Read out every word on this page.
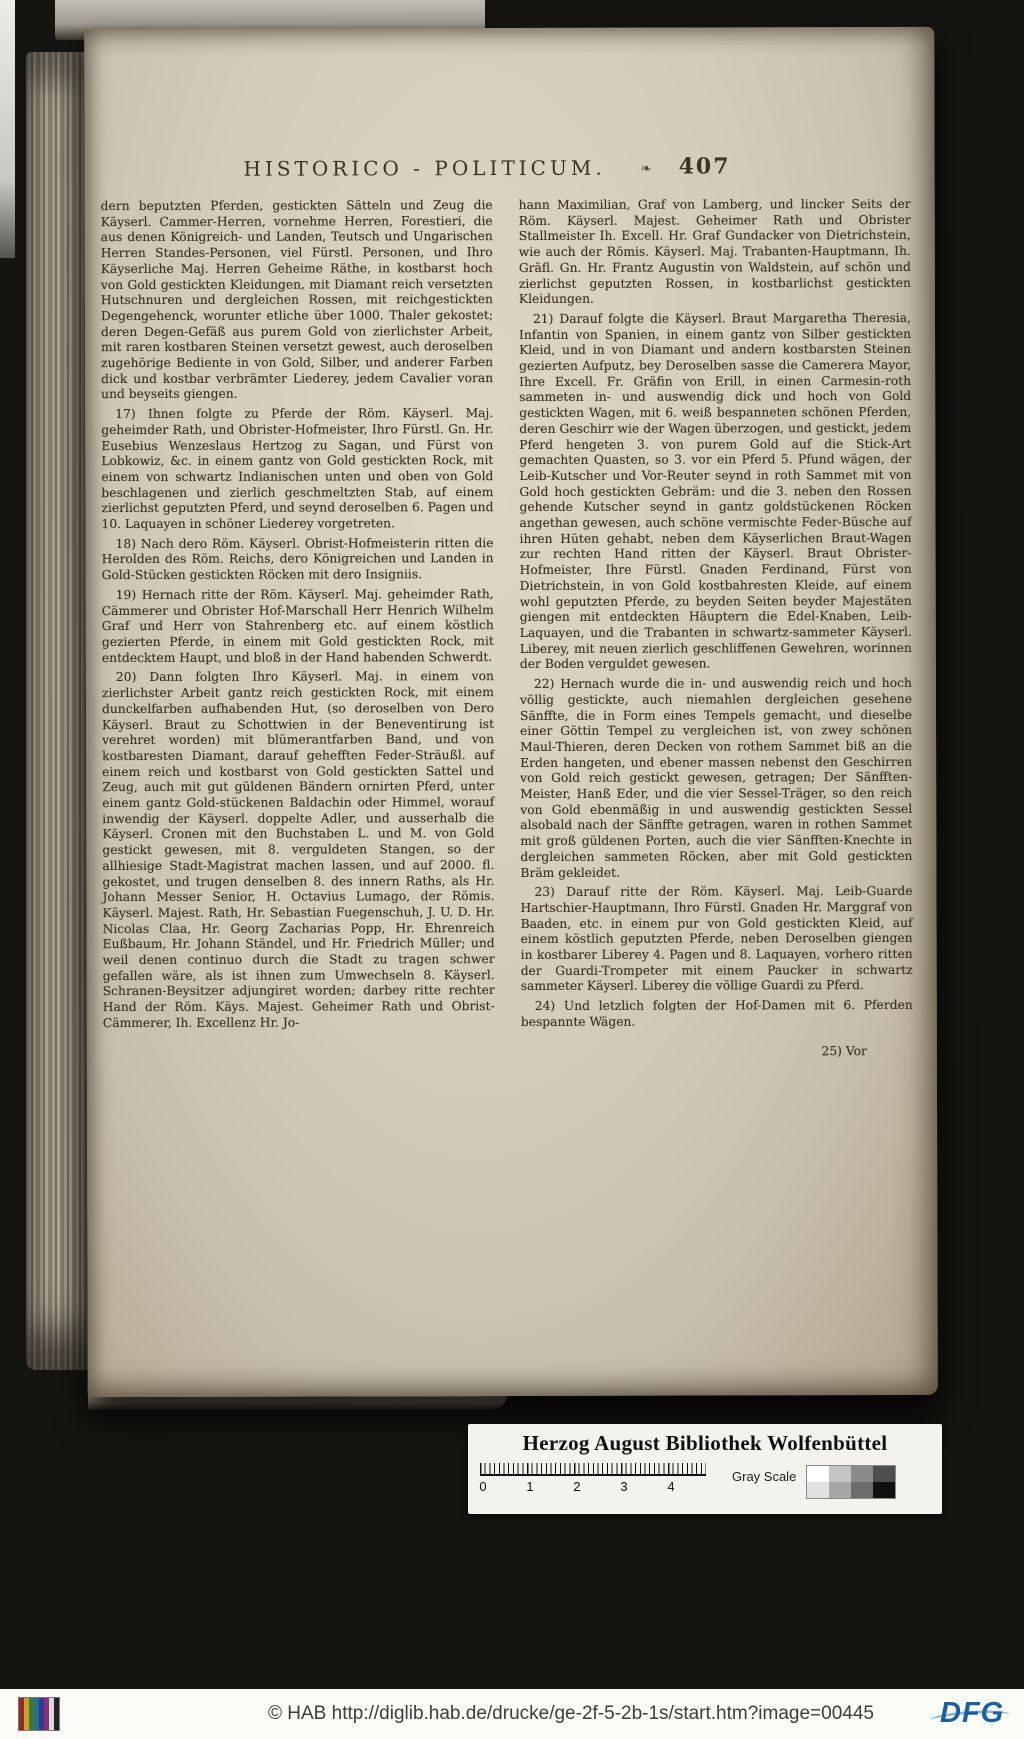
HISTORICO - POLITICUM.	❧ 407

dern beputzten Pferden, gestickten Sätteln und Zeug die Käyserl. Cammer-Herren, vornehme Herren, Forestieri, die aus denen Königreich- und Landen, Teutsch und Ungarischen Herren Standes-Personen, viel Fürstl. Personen, und Ihro Käyserliche Maj. Herren Geheime Räthe, in kostbarst hoch von Gold gestickten Kleidungen, mit Diamant reich versetzten Hutschnuren und dergleichen Rossen, mit reichgestickten Degengehenck, worunter etliche über 1000. Thaler gekostet; deren Degen-Gefäß aus purem Gold von zierlichster Arbeit, mit raren kostbaren Steinen versetzt gewest, auch deroselben zugehörige Bediente in von Gold, Silber, und anderer Farben dick und kostbar verbrämter Liederey, jedem Cavalier voran und beyseits giengen.

17) Ihnen folgte zu Pferde der Röm. Käyserl. Maj. geheimder Rath, und Obrister-Hofmeister, Ihro Fürstl. Gn. Hr. Eusebius Wenzeslaus Hertzog zu Sagan, und Fürst von Lobkowiz, &c. in einem gantz von Gold gestickten Rock, mit einem von schwartz Indianischen unten und oben von Gold beschlagenen und zierlich geschmeltzten Stab, auf einem zierlichst geputzten Pferd, und seynd deroselben 6. Pagen und 10. Laquayen in schöner Liederey vorgetreten.

18) Nach dero Röm. Käyserl. Obrist-Hofmeisterin ritten die Herolden des Röm. Reichs, dero Königreichen und Landen in Gold-Stücken gestickten Röcken mit dero Insigniis.

19) Hernach ritte der Röm. Käyserl. Maj. geheimder Rath, Cämmerer und Obrister Hof-Marschall Herr Henrich Wilhelm Graf und Herr von Stahrenberg etc. auf einem köstlich gezierten Pferde, in einem mit Gold gestickten Rock, mit entdecktem Haupt, und bloß in der Hand habenden Schwerdt.

20) Dann folgten Ihro Käyserl. Maj. in einem von zierlichster Arbeit gantz reich gestickten Rock, mit einem dunckelfarben aufhabenden Hut, (so deroselben von Dero Käyserl. Braut zu Schottwien in der Beneventirung ist verehret worden) mit blümerantfarben Band, und von kostbaresten Diamant, darauf gehefften Feder-Sträußl. auf einem reich und kostbarst von Gold gestickten Sattel und Zeug, auch mit gut güldenen Bändern ornirten Pferd, unter einem gantz Gold-stückenen Baldachin oder Himmel, worauf inwendig der Käyserl. doppelte Adler, und ausserhalb die Käyserl. Cronen mit den Buchstaben L. und M. von Gold gestickt gewesen, mit 8. verguldeten Stangen, so der allhiesige Stadt-Magistrat machen lassen, und auf 2000. fl. gekostet, und trugen denselben 8. des innern Raths, als Hr. Johann Messer Senior, H. Octavius Lumago, der Römis. Käyserl. Majest. Rath, Hr. Sebastian Fuegenschuh, J. U. D. Hr. Nicolas Claa, Hr. Georg Zacharias Popp, Hr. Ehrenreich Eußbaum, Hr. Johann Ständel, und Hr. Friedrich Müller; und weil denen continuo durch die Stadt zu tragen schwer gefallen wäre, als ist ihnen zum Umwechseln 8. Käyserl. Schranen-Beysitzer adjungiret worden; darbey ritte rechter Hand der Röm. Käys. Majest. Geheimer Rath und Obrist-Cämmerer, Ih. Excellenz Hr. Jo-

hann Maximilian, Graf von Lamberg, und lincker Seits der Röm. Käyserl. Majest. Geheimer Rath und Obrister Stallmeister Ih. Excell. Hr. Graf Gundacker von Dietrichstein, wie auch der Römis. Käyserl. Maj. Trabanten-Hauptmann, Ih. Gräfl. Gn. Hr. Frantz Augustin von Waldstein, auf schön und zierlichst geputzten Rossen, in kostbarlichst gestickten Kleidungen.

21) Darauf folgte die Käyserl. Braut Margaretha Theresia, Infantin von Spanien, in einem gantz von Silber gestickten Kleid, und in von Diamant und andern kostbarsten Steinen gezierten Aufputz, bey Deroselben sasse die Camerera Mayor, Ihre Excell. Fr. Gräfin von Erill, in einen Carmesin-roth sammeten in- und auswendig dick und hoch von Gold gestickten Wagen, mit 6. weiß bespanneten schönen Pferden, deren Geschirr wie der Wagen überzogen, und gestickt, jedem Pferd hengeten 3. von purem Gold auf die Stick-Art gemachten Quasten, so 3. vor ein Pferd 5. Pfund wägen, der Leib-Kutscher und Vor-Reuter seynd in roth Sammet mit von Gold hoch gestickten Gebräm: und die 3. neben den Rossen gehende Kutscher seynd in gantz goldstückenen Röcken angethan gewesen, auch schöne vermischte Feder-Büsche auf ihren Hüten gehabt, neben dem Käyserlichen Braut-Wagen zur rechten Hand ritten der Käyserl. Braut Obrister-Hofmeister, Ihre Fürstl. Gnaden Ferdinand, Fürst von Dietrichstein, in von Gold kostbahresten Kleide, auf einem wohl geputzten Pferde, zu beyden Seiten beyder Majestäten giengen mit entdeckten Häuptern die Edel-Knaben, Leib-Laquayen, und die Trabanten in schwartz-sammeter Käyserl. Liberey, mit neuen zierlich geschliffenen Gewehren, worinnen der Boden verguldet gewesen.

22) Hernach wurde die in- und auswendig reich und hoch völlig gestickte, auch niemahlen dergleichen gesehene Sänffte, die in Form eines Tempels gemacht, und dieselbe einer Göttin Tempel zu vergleichen ist, von zwey schönen Maul-Thieren, deren Decken von rothem Sammet biß an die Erden hangeten, und ebener massen nebenst den Geschirren von Gold reich gestickt gewesen, getragen; Der Sänfften-Meister, Hanß Eder, und die vier Sessel-Träger, so den reich von Gold ebenmäßig in und auswendig gestickten Sessel alsobald nach der Sänffte getragen, waren in rothen Sammet mit groß güldenen Porten, auch die vier Sänfften-Knechte in dergleichen sammeten Röcken, aber mit Gold gestickten Bräm gekleidet.

23) Darauf ritte der Röm. Käyserl. Maj. Leib-Guarde Hartschier-Hauptmann, Ihro Fürstl. Gnaden Hr. Marggraf von Baaden, etc. in einem pur von Gold gestickten Kleid, auf einem köstlich geputzten Pferde, neben Deroselben giengen in kostbarer Liberey 4. Pagen und 8. Laquayen, vorhero ritten der Guardi-Trompeter mit einem Paucker in schwartz sammeter Käyserl. Liberey die völlige Guardi zu Pferd.

24) Und letzlich folgten der Hof-Damen mit 6. Pferden bespannte Wägen.

25) Vor
Herzog August Bibliothek Wolfenbüttel
0	1	2	3	4
Gray Scale
© HAB http://diglib.hab.de/drucke/ge-2f-5-2b-1s/start.htm?image=00445 DFG
